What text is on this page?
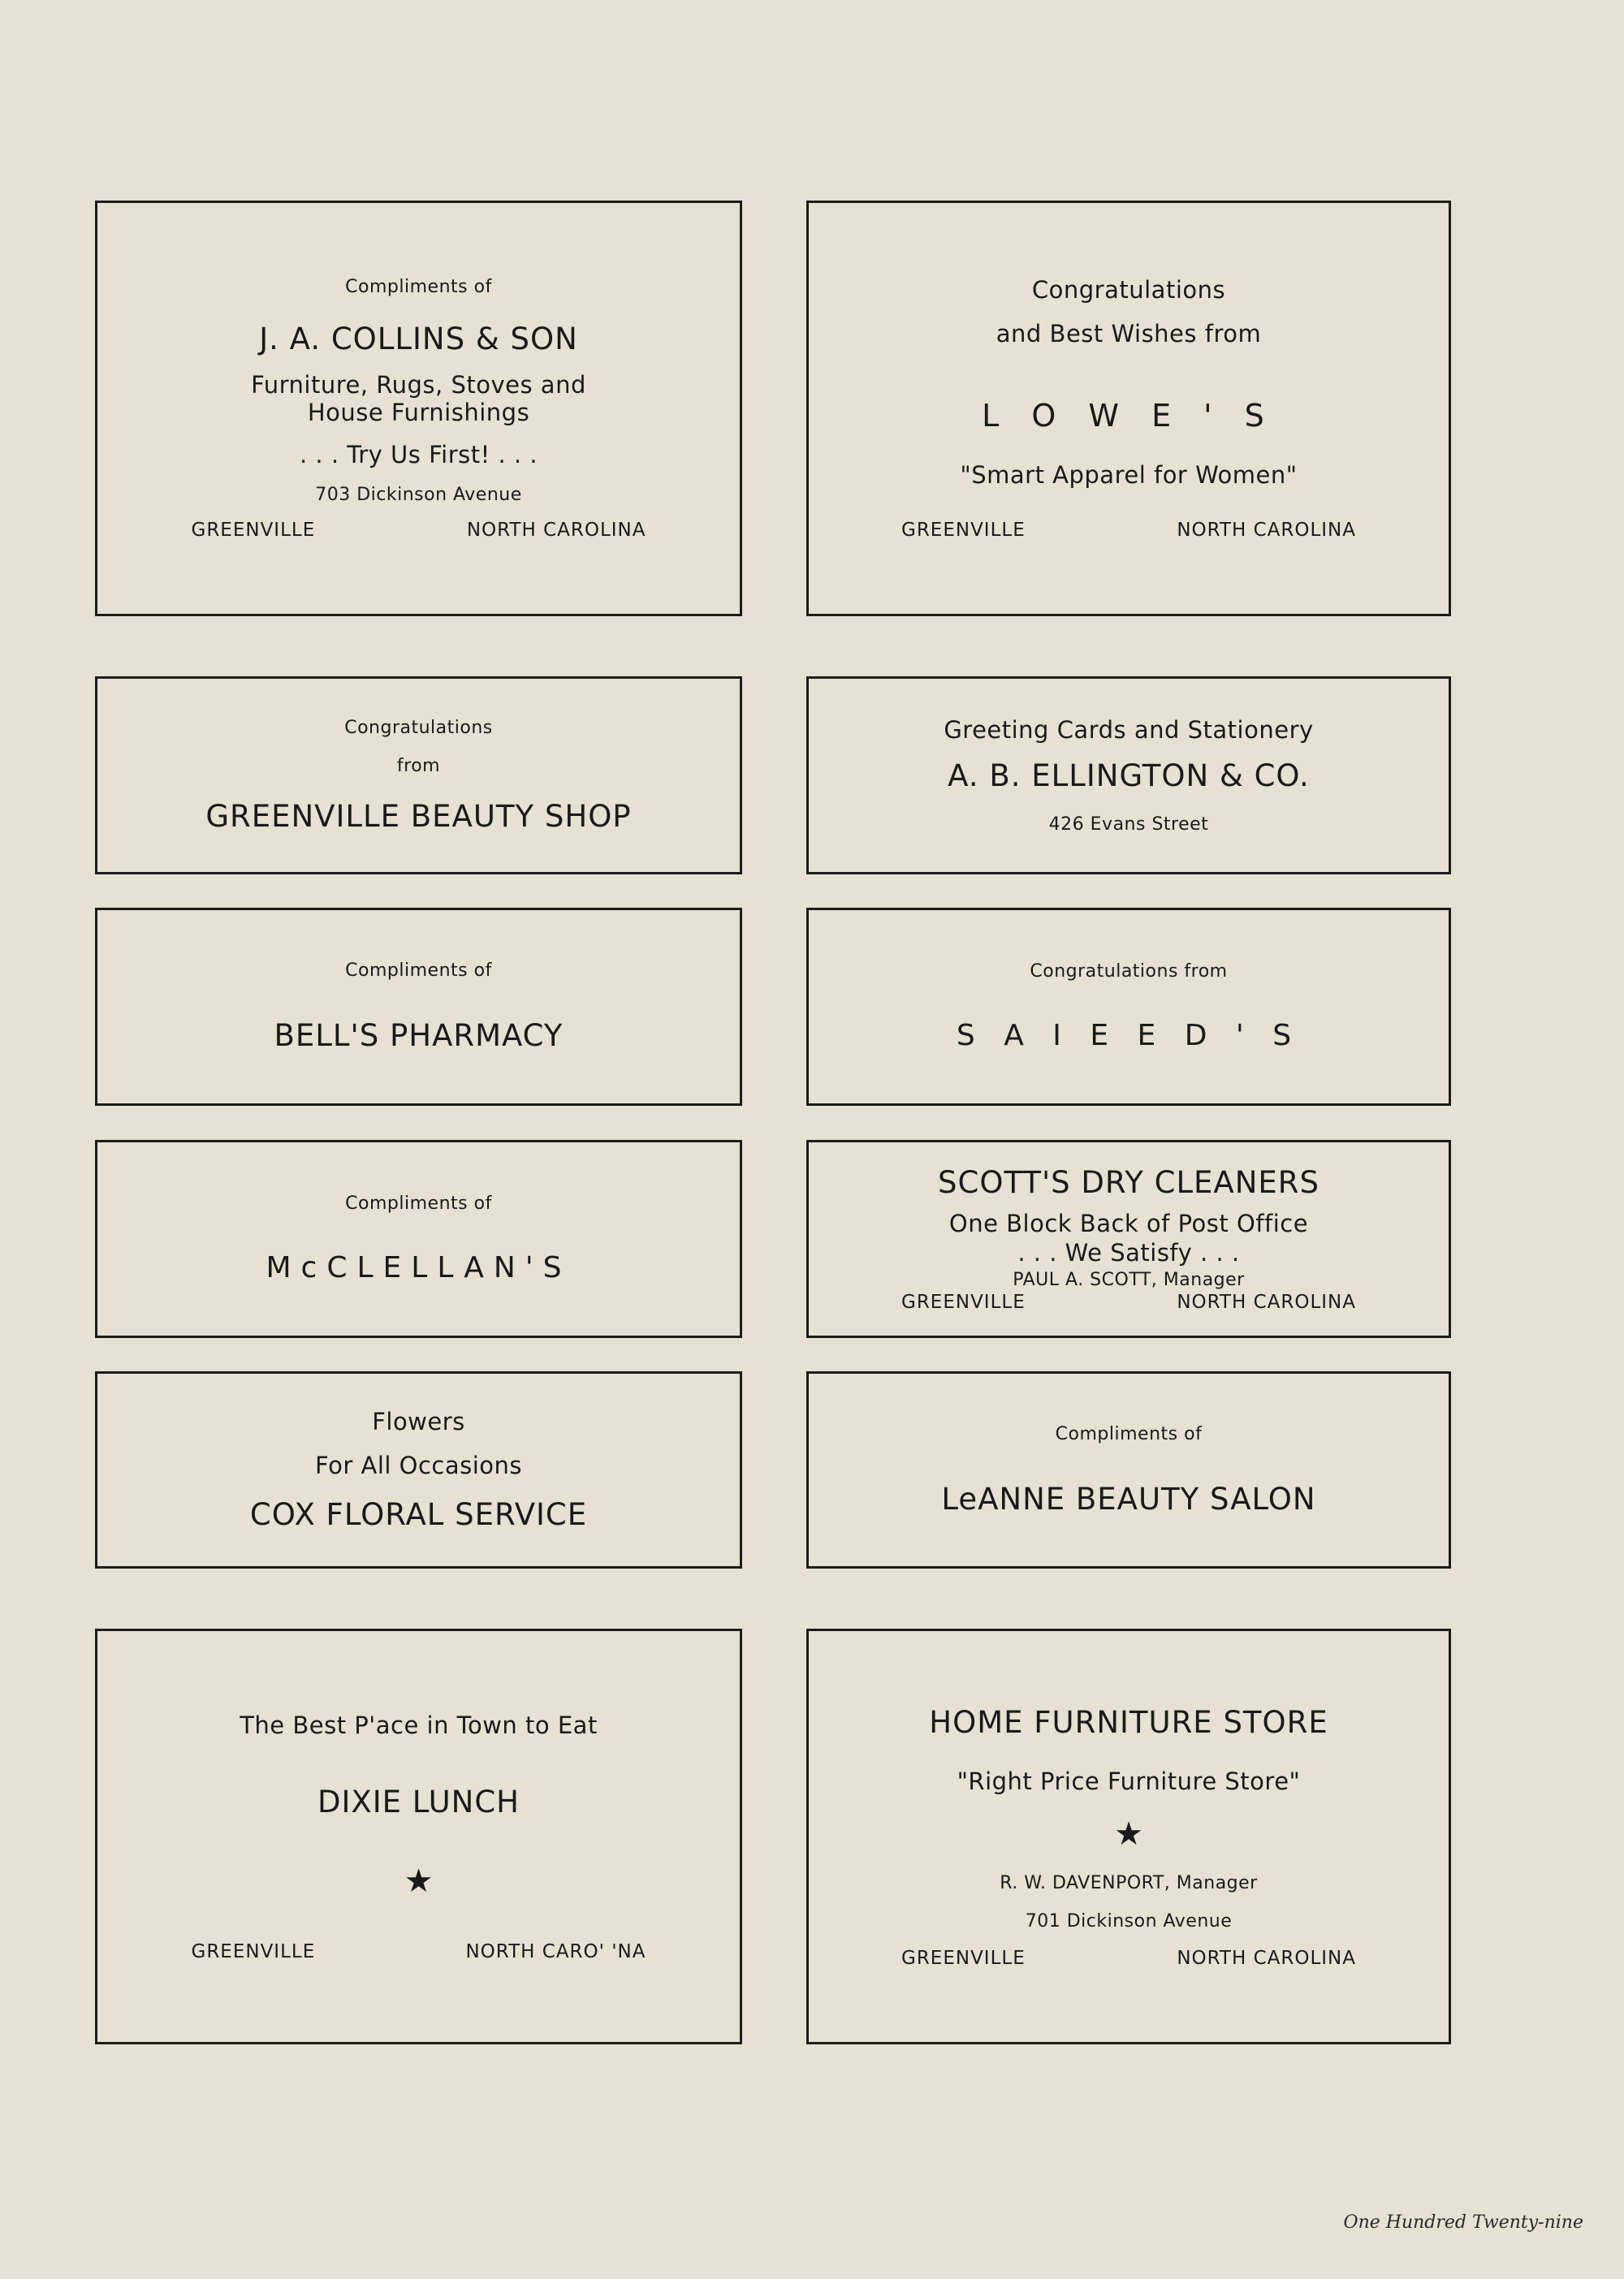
Compliments of
J. A. COLLINS & SON
Furniture, Rugs, Stoves and
House Furnishings
. . . Try Us First! . . .
703 Dickinson Avenue
GREENVILLE	NORTH CAROLINA
Congratulations
and Best Wishes from
L O W E ' S
"Smart Apparel for Women"
GREENVILLE	NORTH CAROLINA
Congratulations
from
GREENVILLE BEAUTY SHOP
Greeting Cards and Stationery
A. B. ELLINGTON & CO.
426 Evans Street
Compliments of
BELL'S PHARMACY
Congratulations from
S A I E E D ' S
Compliments of
McCLELLAN'S
SCOTT'S DRY CLEANERS
One Block Back of Post Office
. . . We Satisfy . . .
PAUL A. SCOTT, Manager
GREENVILLE	NORTH CAROLINA
Flowers
For All Occasions
COX FLORAL SERVICE
Compliments of
LeANNE BEAUTY SALON
The Best P'ace in Town to Eat
DIXIE LUNCH
★
GREENVILLE	NORTH CARO' 'NA
HOME FURNITURE STORE
"Right Price Furniture Store"
★
R. W. DAVENPORT, Manager
701 Dickinson Avenue
GREENVILLE	NORTH CAROLINA
One Hundred Twenty-nine
